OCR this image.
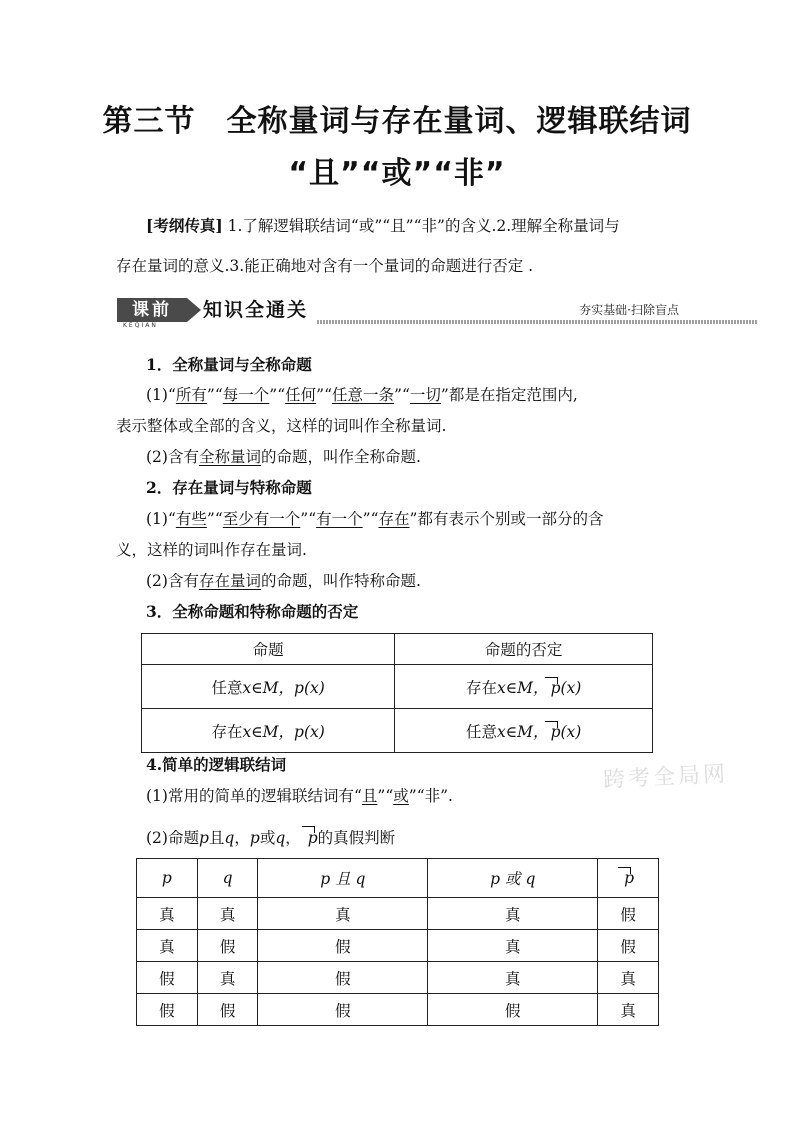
第三节　全称量词与存在量词、逻辑联结词
“且”“或”“非”
[考纲传真] 1.了解逻辑联结词“或”“且”“非”的含义.2.理解全称量词与
存在量词的意义.3.能正确地对含有一个量词的命题进行否定 .
课前
KEQIAN
知识全通关	夯实基础·扫除盲点
1．全称量词与全称命题
(1)“所有”“每一个”“任何”“任意一条”“一切”都是在指定范围内,
表示整体或全部的含义，这样的词叫作全称量词.
(2)含有全称量词的命题，叫作全称命题.
2．存在量词与特称命题
(1)“有些”“至少有一个”“有一个”“存在”都有表示个别或一部分的含
义，这样的词叫作存在量词.
(2)含有存在量词的命题，叫作特称命题.
3．全称命题和特称命题的否定
命题	命题的否定
任意x∈M，p(x)	存在x∈M， p(x)
存在x∈M，p(x)	任意x∈M， p(x)
4.简单的逻辑联结词
(1)常用的简单的逻辑联结词有“且”“或”“非”.
(2)命题p且q，p或q， p的真假判断
p	q	p 且 q	p 或 q	p
真	真	真	真	假
真	假	假	真	假
假	真	假	真	真
假	假	假	假	真
跨考全局网
